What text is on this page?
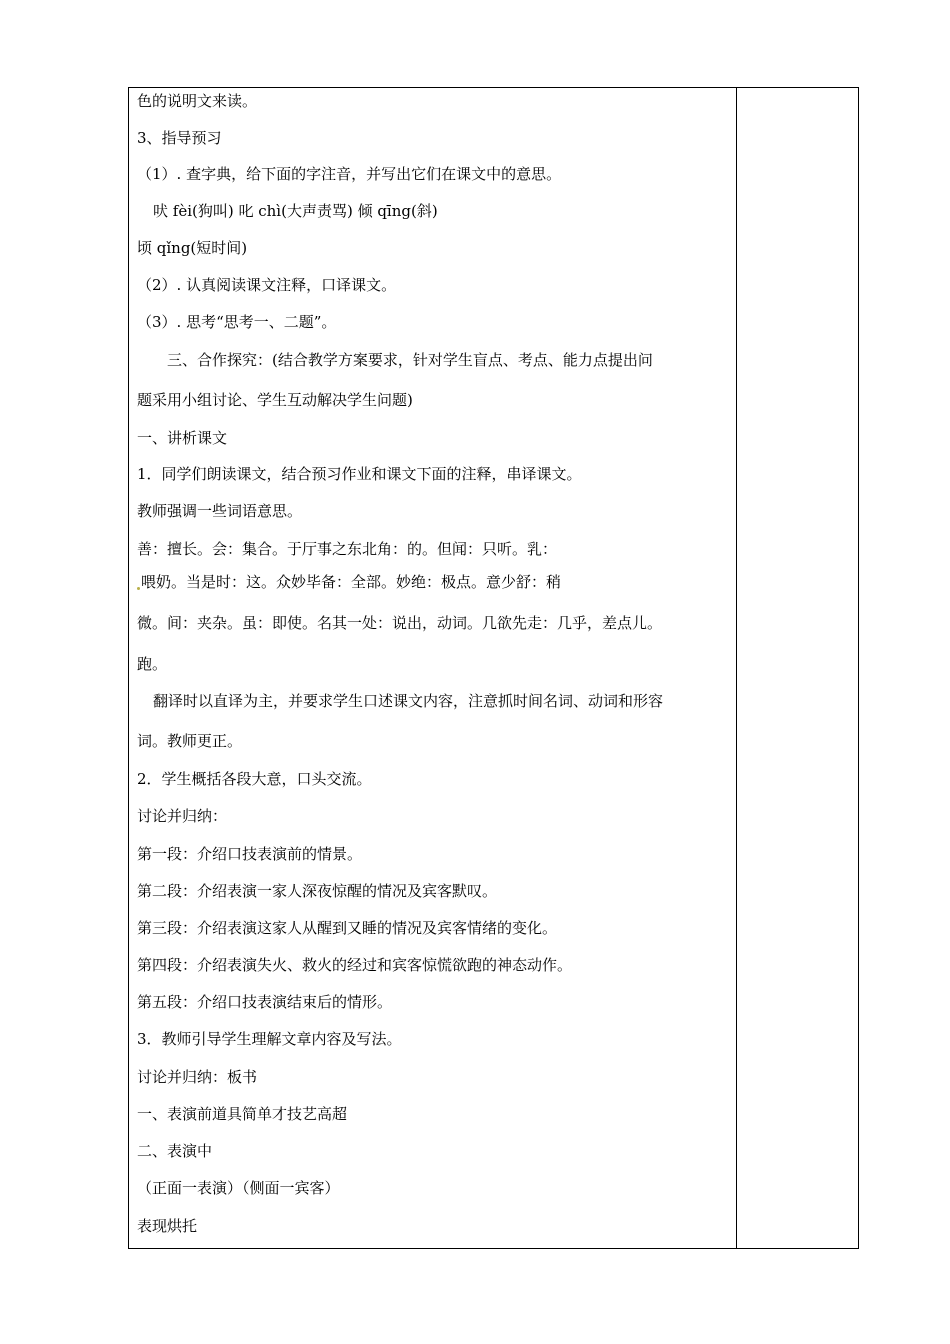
色的说明文来读。
3、指导预习
（1）. 查字典，给下面的字注音，并写出它们在课文中的意思。
吠 fèi(狗叫) 叱 chì(大声责骂) 倾 qīng(斜)
顷 qǐng(短时间)
（2）. 认真阅读课文注释，口译课文。
（3）. 思考“思考一、二题”。
三、合作探究：(结合教学方案要求，针对学生盲点、考点、能力点提出问
题采用小组讨论、学生互动解决学生问题)
一、讲析课文
1．同学们朗读课文，结合预习作业和课文下面的注释，串译课文。
教师强调一些词语意思。
善：擅长。会：集合。于厅事之东北角：的。但闻：只听。乳：
喂奶。当是时：这。众妙毕备：全部。妙绝：极点。意少舒：稍
微。间：夹杂。虽：即使。名其一处：说出，动词。几欲先走：几乎，差点儿。
跑。
翻译时以直译为主，并要求学生口述课文内容，注意抓时间名词、动词和形容
词。教师更正。
2．学生概括各段大意，口头交流。
讨论并归纳：
第一段：介绍口技表演前的情景。
第二段：介绍表演一家人深夜惊醒的情况及宾客默叹。
第三段：介绍表演这家人从醒到又睡的情况及宾客情绪的变化。
第四段：介绍表演失火、救火的经过和宾客惊慌欲跑的神态动作。
第五段：介绍口技表演结束后的情形。
3．教师引导学生理解文章内容及写法。
讨论并归纳：板书
一、表演前道具简单才技艺高超
二、表演中
（正面一表演）（侧面一宾客）
表现烘托
